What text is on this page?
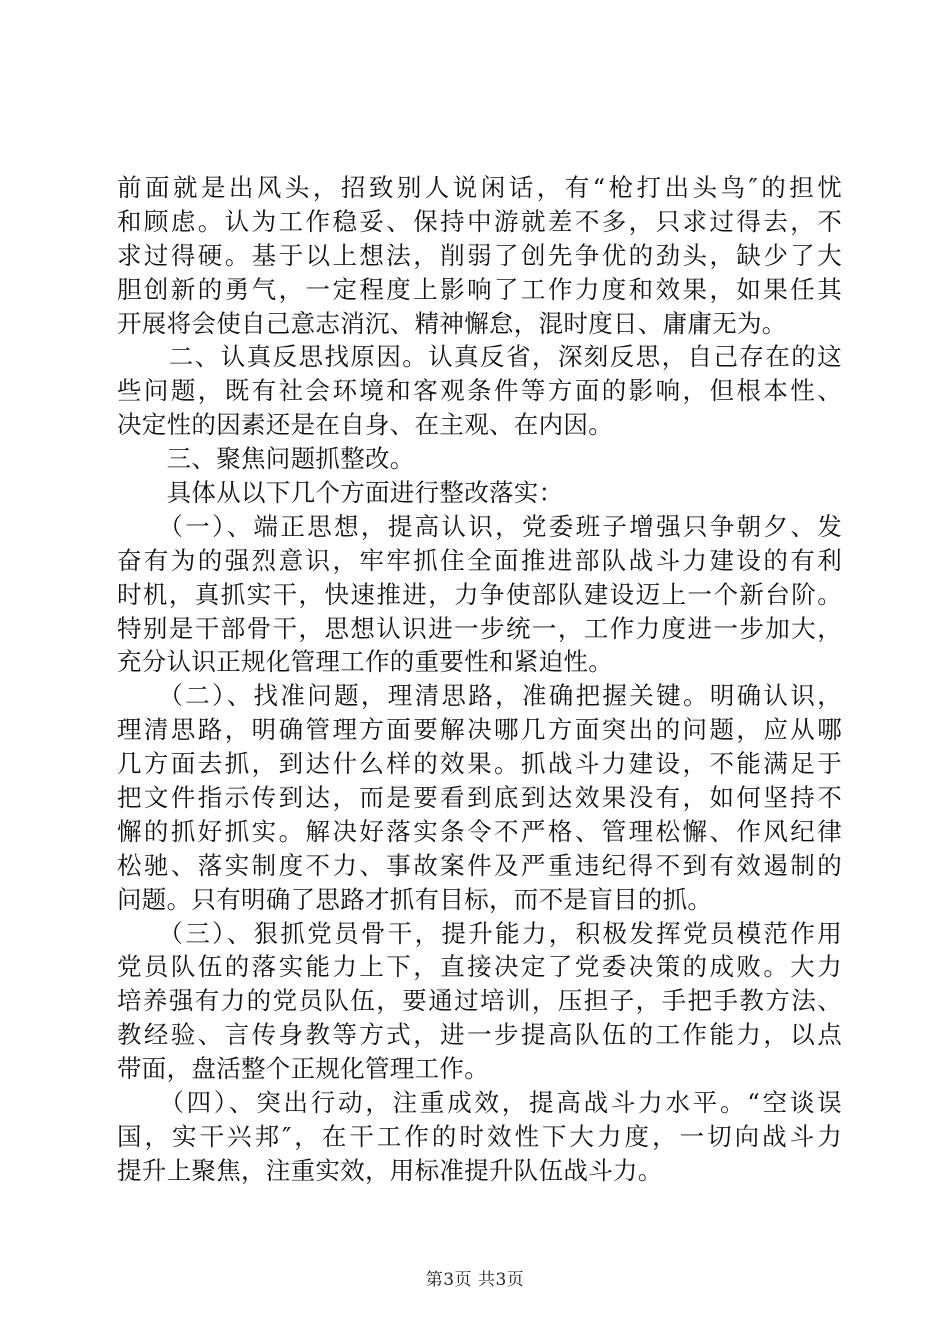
前面就是出风头，招致别人说闲话，有“枪打出头鸟″的担忧
和顾虑。认为工作稳妥、保持中游就差不多，只求过得去，不
求过得硬。基于以上想法，削弱了创先争优的劲头，缺少了大
胆创新的勇气，一定程度上影响了工作力度和效果，如果任其
开展将会使自己意志消沉、精神懈怠，混时度日、庸庸无为。
　　二、认真反思找原因。认真反省，深刻反思，自己存在的这
些问题，既有社会环境和客观条件等方面的影响，但根本性、
决定性的因素还是在自身、在主观、在内因。
　　三、聚焦问题抓整改。
　　具体从以下几个方面进行整改落实：
　　（一）、端正思想，提高认识，党委班子增强只争朝夕、发
奋有为的强烈意识，牢牢抓住全面推进部队战斗力建设的有利
时机，真抓实干，快速推进，力争使部队建设迈上一个新台阶。
特别是干部骨干，思想认识进一步统一，工作力度进一步加大，
充分认识正规化管理工作的重要性和紧迫性。
　　（二）、找准问题，理清思路，准确把握关键。明确认识，
理清思路，明确管理方面要解决哪几方面突出的问题，应从哪
几方面去抓，到达什么样的效果。抓战斗力建设，不能满足于
把文件指示传到达，而是要看到底到达效果没有，如何坚持不
懈的抓好抓实。解决好落实条令不严格、管理松懈、作风纪律
松驰、落实制度不力、事故案件及严重违纪得不到有效遏制的
问题。只有明确了思路才抓有目标，而不是盲目的抓。
　　（三）、狠抓党员骨干，提升能力，积极发挥党员模范作用
党员队伍的落实能力上下，直接决定了党委决策的成败。大力
培养强有力的党员队伍，要通过培训，压担子，手把手教方法、
教经验、言传身教等方式，进一步提高队伍的工作能力，以点
带面，盘活整个正规化管理工作。
　　（四）、突出行动，注重成效，提高战斗力水平。“空谈误
国，实干兴邦″，在干工作的时效性下大力度，一切向战斗力
提升上聚焦，注重实效，用标准提升队伍战斗力。
第3页 共3页
